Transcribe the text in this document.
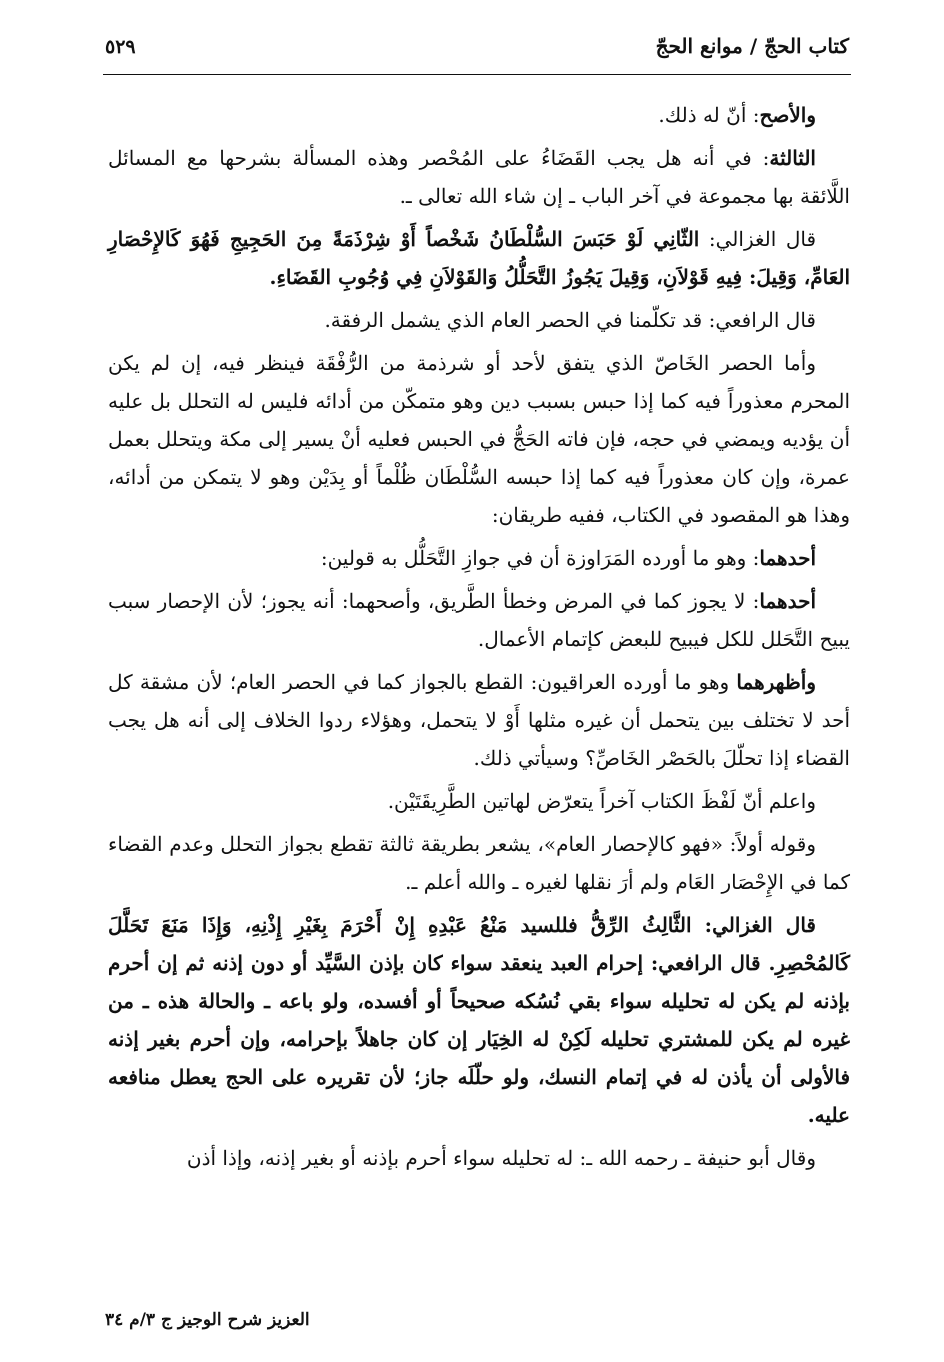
كتاب الحجّ / موانع الحجّ
٥٢٩

والأصح: أنّ له ذلك.

الثالثة: في أنه هل يجب القَضَاءُ على المُحْصر وهذه المسألة بشرحها مع المسائل اللَّائقة بها مجموعة في آخر الباب ـ إن شاء الله تعالى ـ.

قال الغزالي: الثّانِي لَوْ حَبَسَ السُّلْطَانُ شَخْصاً أَوْ شِرْذَمَةً مِنَ الحَجِيجِ فَهُوَ كَالإِحْصَارِ العَامِّ، وَقِيلَ: فِيهِ قَوْلاَنِ، وَقِيلَ يَجُوزُ التَّحَلُّلُ وَالقَوْلاَنِ فِي وُجُوبِ القَضَاءِ.

قال الرافعي: قد تكلّمنا في الحصر العام الذي يشمل الرفقة.

وأما الحصر الخَاصّ الذي يتفق لأحد أو شرذمة من الرُّفْقَة فينظر فيه، إن لم يكن المحرم معذوراً فيه كما إذا حبس بسبب دين وهو متمكّن من أدائه فليس له التحلل بل عليه أن يؤديه ويمضي في حجه، فإن فاته الحَجُّ في الحبس فعليه أنْ يسير إلى مكة ويتحلل بعمل عمرة، وإن كان معذوراً فيه كما إذا حبسه السُّلْطَان ظُلْماً أو بِدَيْن وهو لا يتمكن من أدائه، وهذا هو المقصود في الكتاب، ففيه طريقان:

أحدهما: وهو ما أورده المَرَاوزة أن في جوازِ التَّحَلُّل به قولين:

أحدهما: لا يجوز كما في المرض وخطأ الطَّريق، وأصحهما: أنه يجوز؛ لأن الإحصار سبب يبيح التَّحَلل للكل فيبيح للبعض كإتمام الأعمال.

وأظهرهما وهو ما أورده العراقيون: القطع بالجواز كما في الحصر العام؛ لأن مشقة كل أحد لا تختلف بين يتحمل أن غيره مثلها أَوْ لا يتحمل، وهؤلاء ردوا الخلاف إلى أنه هل يجب القضاء إذا تحلّلَ بالحَصْر الخَاصِّ؟ وسيأتي ذلك.

واعلم أنّ لَفْظَ الكتاب آخراً يتعرّض لهاتين الطَّرِيقَتَيْن.

وقوله أولاً: «فهو كالإحصار العام»، يشعر بطريقة ثالثة تقطع بجواز التحلل وعدم القضاء كما في الإِحْصَار العَام ولم أرَ نقلها لغيره ـ والله أعلم ـ.

قال الغزالي: الثَّالِثُ الرِّقُّ فللسيد مَنْعُ عَبْدِهِ إِنْ أَحْرَمَ بِغَيْرِ إِذْنِهِ، وَإِذَا مَنَعَ تَحَلَّلَ كَالمُحْصِرِ. قال الرافعي: إحرام العبد ينعقد سواء كان بإذن السَّيِّد أو دون إذنه ثم إن أحرم بإذنه لم يكن له تحليله سواء بقي نُسُكه صحيحاً أو أفسده، ولو باعه ـ والحالة هذه ـ من غيره لم يكن للمشتري تحليله لَكِنْ له الخِيَار إن كان جاهلاً بإحرامه، وإن أحرم بغير إذنه فالأولى أن يأذن له في إتمام النسك، ولو حلّلَه جاز؛ لأن تقريره على الحج يعطل منافعه عليه.

وقال أبو حنيفة ـ رحمه الله ـ: له تحليله سواء أحرم بإذنه أو بغير إذنه، وإذا أذن

العزيز شرح الوجيز ج ٣/م ٣٤
